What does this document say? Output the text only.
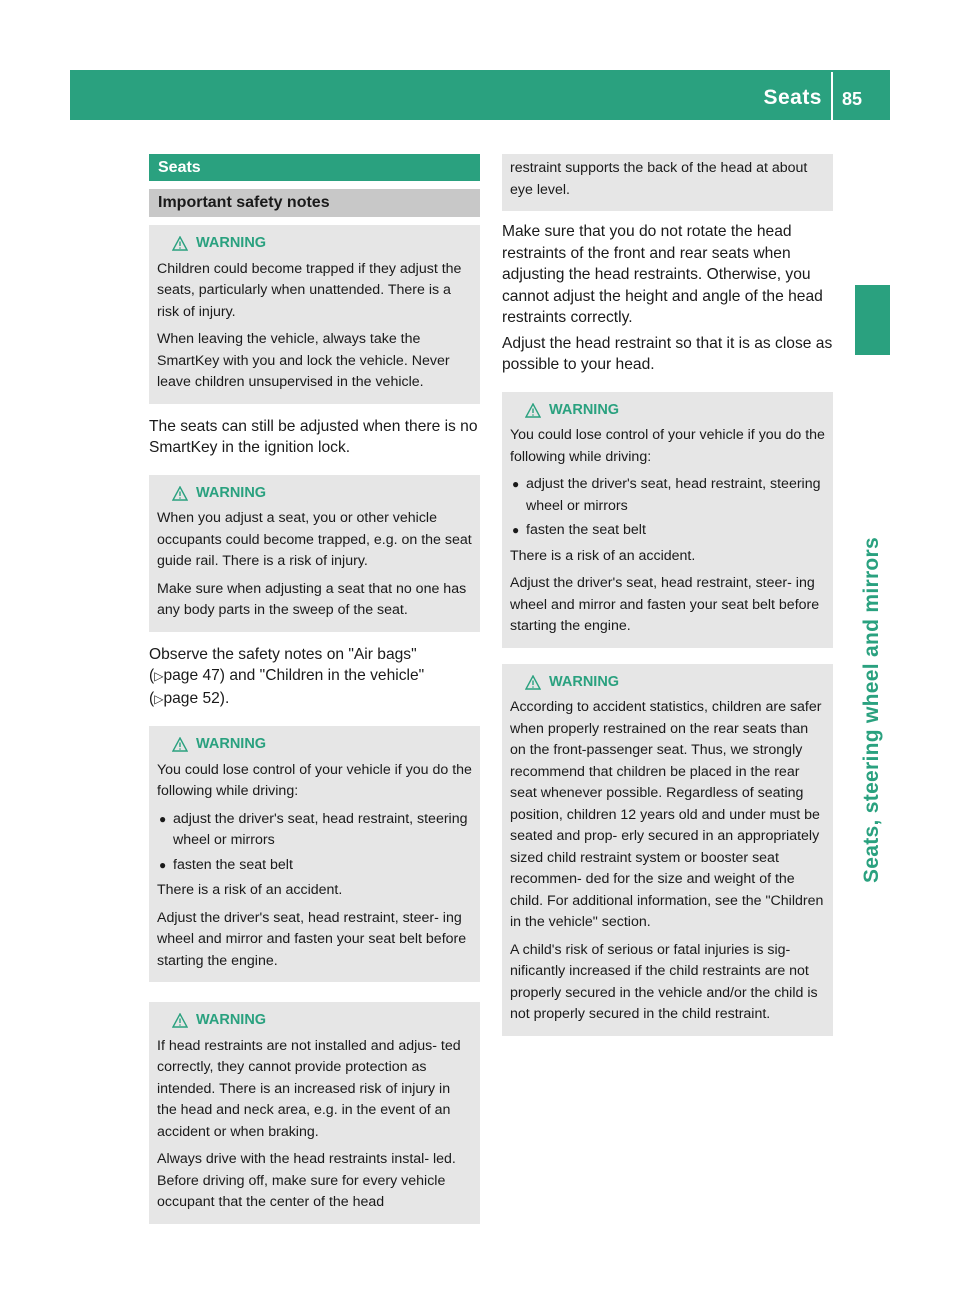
Seats 85
Seats, steering wheel and mirrors
Seats
Important safety notes
WARNING

Children could become trapped if they adjust the seats, particularly when unattended. There is a risk of injury.

When leaving the vehicle, always take the SmartKey with you and lock the vehicle. Never leave children unsupervised in the vehicle.

The seats can still be adjusted when there is no SmartKey in the ignition lock.

WARNING

When you adjust a seat, you or other vehicle occupants could become trapped, e.g. on the seat guide rail. There is a risk of injury.

Make sure when adjusting a seat that no one has any body parts in the sweep of the seat.

Observe the safety notes on "Air bags"
(▷page 47) and "Children in the vehicle"
(▷page 52).

WARNING

You could lose control of your vehicle if you do the following while driving:

● adjust the driver's seat, head restraint, steering wheel or mirrors
● fasten the seat belt

There is a risk of an accident.

Adjust the driver's seat, head restraint, steer- ing wheel and mirror and fasten your seat belt before starting the engine.

WARNING

If head restraints are not installed and adjus- ted correctly, they cannot provide protection as intended. There is an increased risk of injury in the head and neck area, e.g. in the event of an accident or when braking.

Always drive with the head restraints instal- led. Before driving off, make sure for every vehicle occupant that the center of the head

restraint supports the back of the head at about eye level.

Make sure that you do not rotate the head restraints of the front and rear seats when adjusting the head restraints. Otherwise, you cannot adjust the height and angle of the head restraints correctly.

Adjust the head restraint so that it is as close as possible to your head.

WARNING

You could lose control of your vehicle if you do the following while driving:

● adjust the driver's seat, head restraint, steering wheel or mirrors
● fasten the seat belt

There is a risk of an accident.

Adjust the driver's seat, head restraint, steer- ing wheel and mirror and fasten your seat belt before starting the engine.

WARNING

According to accident statistics, children are safer when properly restrained on the rear seats than on the front-passenger seat. Thus, we strongly recommend that children be placed in the rear seat whenever possible. Regardless of seating position, children 12 years old and under must be seated and prop- erly secured in an appropriately sized child restraint system or booster seat recommen- ded for the size and weight of the child. For additional information, see the "Children in the vehicle" section.

A child's risk of serious or fatal injuries is sig- nificantly increased if the child restraints are not properly secured in the vehicle and/or the child is not properly secured in the child restraint.
